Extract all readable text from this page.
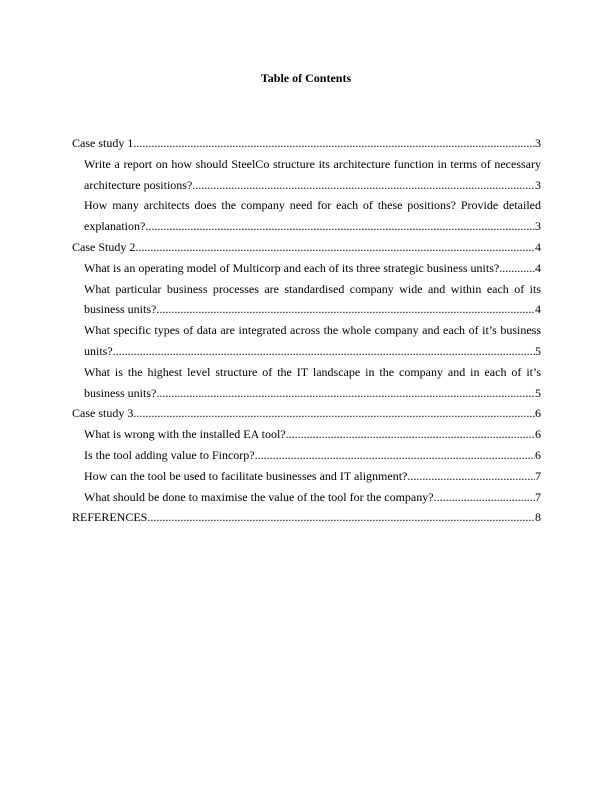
Table of Contents
Case study 1 .....	3
Write a report on how should SteelCo structure its architecture function in terms of necessary
architecture positions? .....	3
How many architects does the company need for each of these positions? Provide detailed
explanation? .....	3
Case Study 2 .....	4
What is an operating model of Multicorp and each of its three strategic business units? .....	4
What particular business processes are standardised company wide and within each of its
business units? .....	4
What specific types of data are integrated across the whole company and each of it’s business
units? .....	5
What is the highest level structure of the IT landscape in the company and in each of it’s
business units? .....	5
Case study 3 .....	6
What is wrong with the installed EA tool? .....	6
Is the tool adding value to Fincorp? .....	6
How can the tool be used to facilitate businesses and IT alignment? .....	7
What should be done to maximise the value of the tool for the company? .....	7
REFERENCES .....	8
